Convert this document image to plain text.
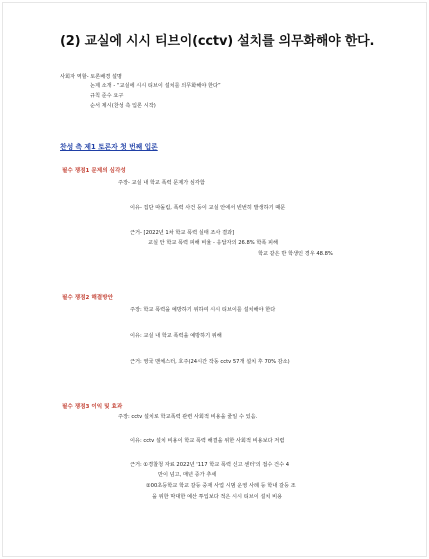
(2) 교실에 시시 티브이(cctv) 설치를 의무화해야 한다.
사회자 역할- 토론배경 설명
논제 소개 - “교실에 시시 티브이 설치를 의무화해야 한다”
규칙 준수 요구
순서 제시(찬성 측 입론 시작)
찬성 측 제1 토론자 첫 번째 입론
필수 쟁점1 문제의 심각성
주장- 교실 내 학교 폭력 문제가 심각함
이유- 집단 따돌림, 폭력 사건 등이 교실 안에서 빈번히 발생하기 때문
근거- [2022년 1차 학교 폭력 실태 조사 결과]
교실 안 학교 폭력 피해 비율 - 응답자의 26.8% 학폭 피해
학교 같은 반 학생인 경우 48.8%
필수 쟁점2 해결방안
주장: 학교 폭력을 예방하기 위하여 시시 티브이를 설치해야 한다
이유: 교실 내 학교 폭력을 예방하기 위해
근거: 영국 맨체스터, 호주(24시간 작동 cctv 57개 설치 후 70% 감소)
필수 쟁점3 이익 및 효과
주장: cctv 설치로 학교폭력 관련 사회적 비용을 줄일 수 있음.
이유: cctv 설치 비용이 학교 폭력 해결을 위한 사회적 비용보다 저렴
근거: ①경찰청 자료 2022년 '117 학교 폭력 신고 센터'의 접수 건수 4
만이 넘고, 매년 증가 추세
②00초등학교 학교 갈등 중재 사업 시범 운영 사례 등 학내 갈등 조
을 위한 막대한 예산 투입보다 적은 시시 티브이 설치 비용
